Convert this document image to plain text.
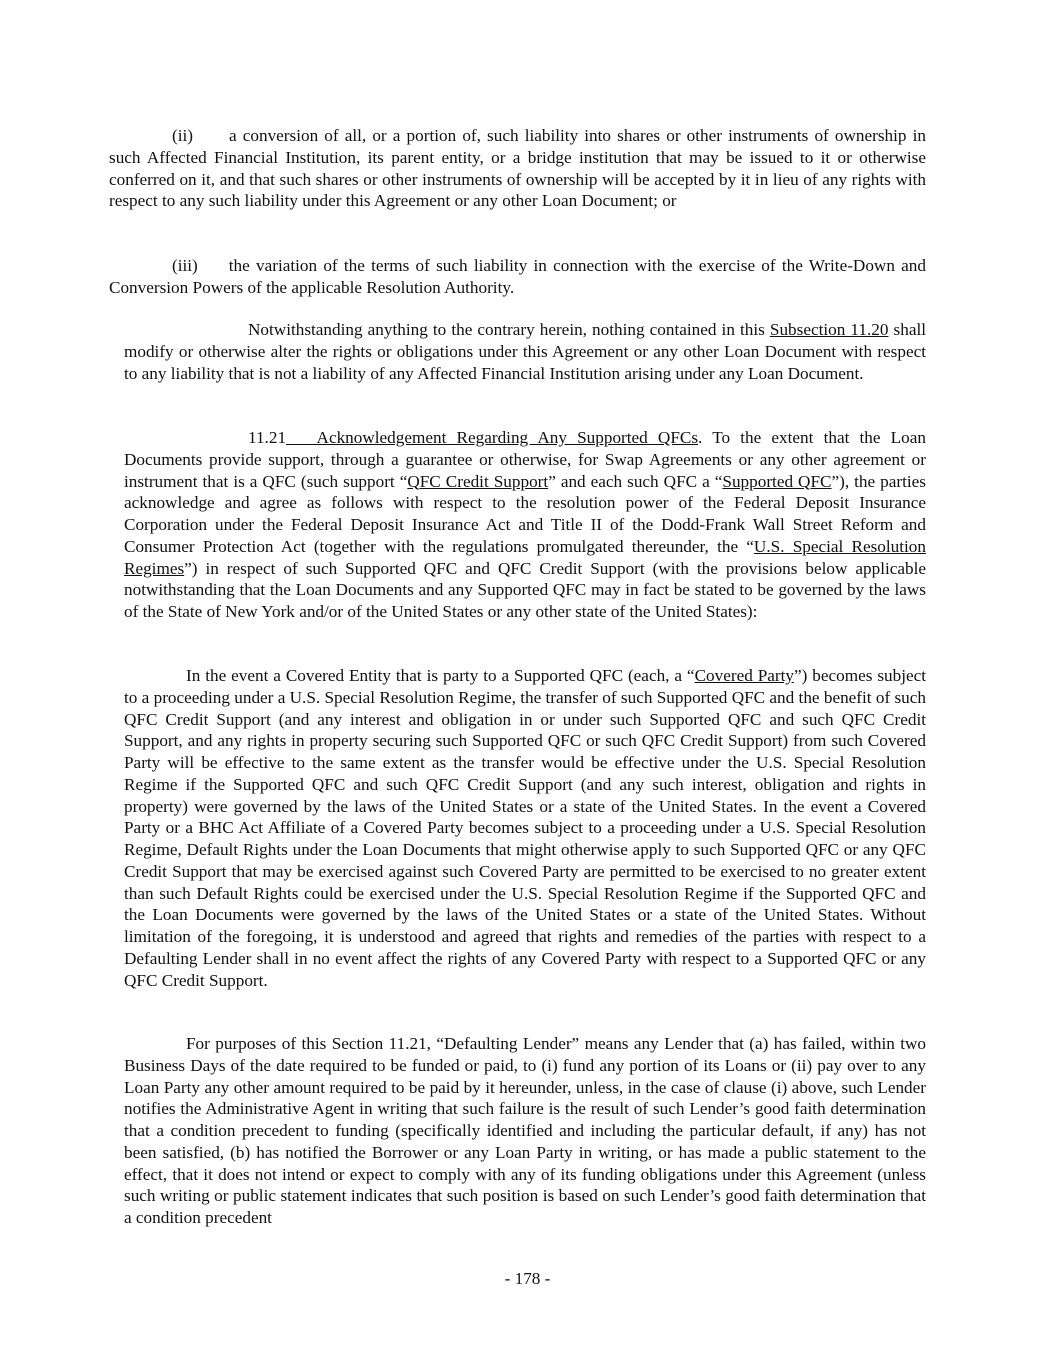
(ii) a conversion of all, or a portion of, such liability into shares or other instruments of ownership in such Affected Financial Institution, its parent entity, or a bridge institution that may be issued to it or otherwise conferred on it, and that such shares or other instruments of ownership will be accepted by it in lieu of any rights with respect to any such liability under this Agreement or any other Loan Document; or

(iii) the variation of the terms of such liability in connection with the exercise of the Write-Down and Conversion Powers of the applicable Resolution Authority.

Notwithstanding anything to the contrary herein, nothing contained in this Subsection 11.20 shall modify or otherwise alter the rights or obligations under this Agreement or any other Loan Document with respect to any liability that is not a liability of any Affected Financial Institution arising under any Loan Document.

11.21 Acknowledgement Regarding Any Supported QFCs. To the extent that the Loan Documents provide support, through a guarantee or otherwise, for Swap Agreements or any other agreement or instrument that is a QFC (such support “QFC Credit Support” and each such QFC a “Supported QFC”), the parties acknowledge and agree as follows with respect to the resolution power of the Federal Deposit Insurance Corporation under the Federal Deposit Insurance Act and Title II of the Dodd-Frank Wall Street Reform and Consumer Protection Act (together with the regulations promulgated thereunder, the “U.S. Special Resolution Regimes”) in respect of such Supported QFC and QFC Credit Support (with the provisions below applicable notwithstanding that the Loan Documents and any Supported QFC may in fact be stated to be governed by the laws of the State of New York and/or of the United States or any other state of the United States):

In the event a Covered Entity that is party to a Supported QFC (each, a “Covered Party”) becomes subject to a proceeding under a U.S. Special Resolution Regime, the transfer of such Supported QFC and the benefit of such QFC Credit Support (and any interest and obligation in or under such Supported QFC and such QFC Credit Support, and any rights in property securing such Supported QFC or such QFC Credit Support) from such Covered Party will be effective to the same extent as the transfer would be effective under the U.S. Special Resolution Regime if the Supported QFC and such QFC Credit Support (and any such interest, obligation and rights in property) were governed by the laws of the United States or a state of the United States. In the event a Covered Party or a BHC Act Affiliate of a Covered Party becomes subject to a proceeding under a U.S. Special Resolution Regime, Default Rights under the Loan Documents that might otherwise apply to such Supported QFC or any QFC Credit Support that may be exercised against such Covered Party are permitted to be exercised to no greater extent than such Default Rights could be exercised under the U.S. Special Resolution Regime if the Supported QFC and the Loan Documents were governed by the laws of the United States or a state of the United States. Without limitation of the foregoing, it is understood and agreed that rights and remedies of the parties with respect to a Defaulting Lender shall in no event affect the rights of any Covered Party with respect to a Supported QFC or any QFC Credit Support.

For purposes of this Section 11.21, “Defaulting Lender” means any Lender that (a) has failed, within two Business Days of the date required to be funded or paid, to (i) fund any portion of its Loans or (ii) pay over to any Loan Party any other amount required to be paid by it hereunder, unless, in the case of clause (i) above, such Lender notifies the Administrative Agent in writing that such failure is the result of such Lender’s good faith determination that a condition precedent to funding (specifically identified and including the particular default, if any) has not been satisfied, (b) has notified the Borrower or any Loan Party in writing, or has made a public statement to the effect, that it does not intend or expect to comply with any of its funding obligations under this Agreement (unless such writing or public statement indicates that such position is based on such Lender’s good faith determination that a condition precedent

- 178 -
